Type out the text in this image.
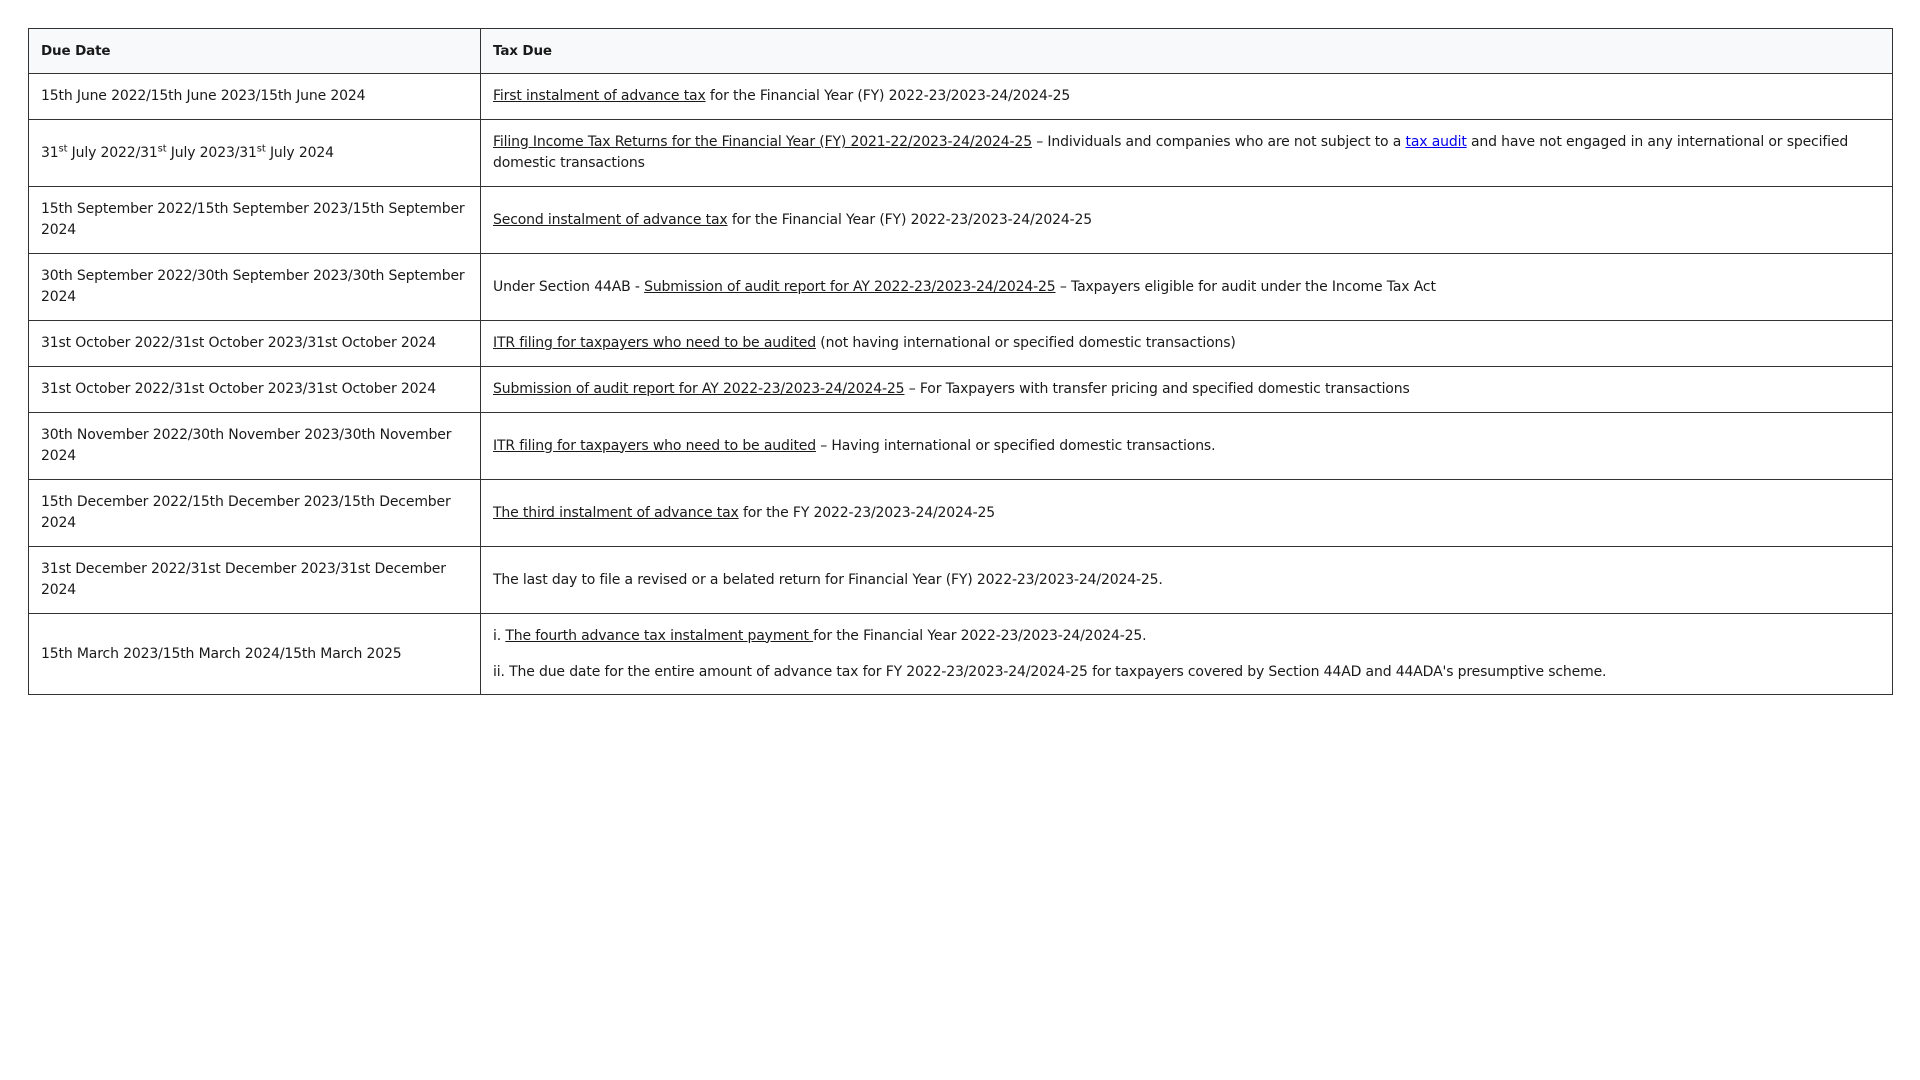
Due Date	Tax Due
15th June 2022/15th June 2023/15th June 2024	First instalment of advance tax for the Financial Year (FY) 2022-23/2023-24/2024-25
31st July 2022/31st July 2023/31st July 2024	Filing Income Tax Returns for the Financial Year (FY) 2021-22/2023-24/2024-25 – Individuals and companies who are not subject to a tax audit and have not engaged in any international or specified domestic transactions
15th September 2022/15th September 2023/15th September 2024	Second instalment of advance tax for the Financial Year (FY) 2022-23/2023-24/2024-25
30th September 2022/30th September 2023/30th September 2024	Under Section 44AB - Submission of audit report for AY 2022-23/2023-24/2024-25 – Taxpayers eligible for audit under the Income Tax Act
31st October 2022/31st October 2023/31st October 2024	ITR filing for taxpayers who need to be audited (not having international or specified domestic transactions)
31st October 2022/31st October 2023/31st October 2024	Submission of audit report for AY 2022-23/2023-24/2024-25 – For Taxpayers with transfer pricing and specified domestic transactions
30th November 2022/30th November 2023/30th November 2024	ITR filing for taxpayers who need to be audited – Having international or specified domestic transactions.
15th December 2022/15th December 2023/15th December 2024	The third instalment of advance tax for the FY 2022-23/2023-24/2024-25
31st December 2022/31st December 2023/31st December 2024	The last day to file a revised or a belated return for Financial Year (FY) 2022-23/2023-24/2024-25.
15th March 2023/15th March 2024/15th March 2025	i. The fourth advance tax instalment payment for the Financial Year 2022-23/2023-24/2024-25.

ii. The due date for the entire amount of advance tax for FY 2022-23/2023-24/2024-25 for taxpayers covered by Section 44AD and 44ADA's presumptive scheme.
